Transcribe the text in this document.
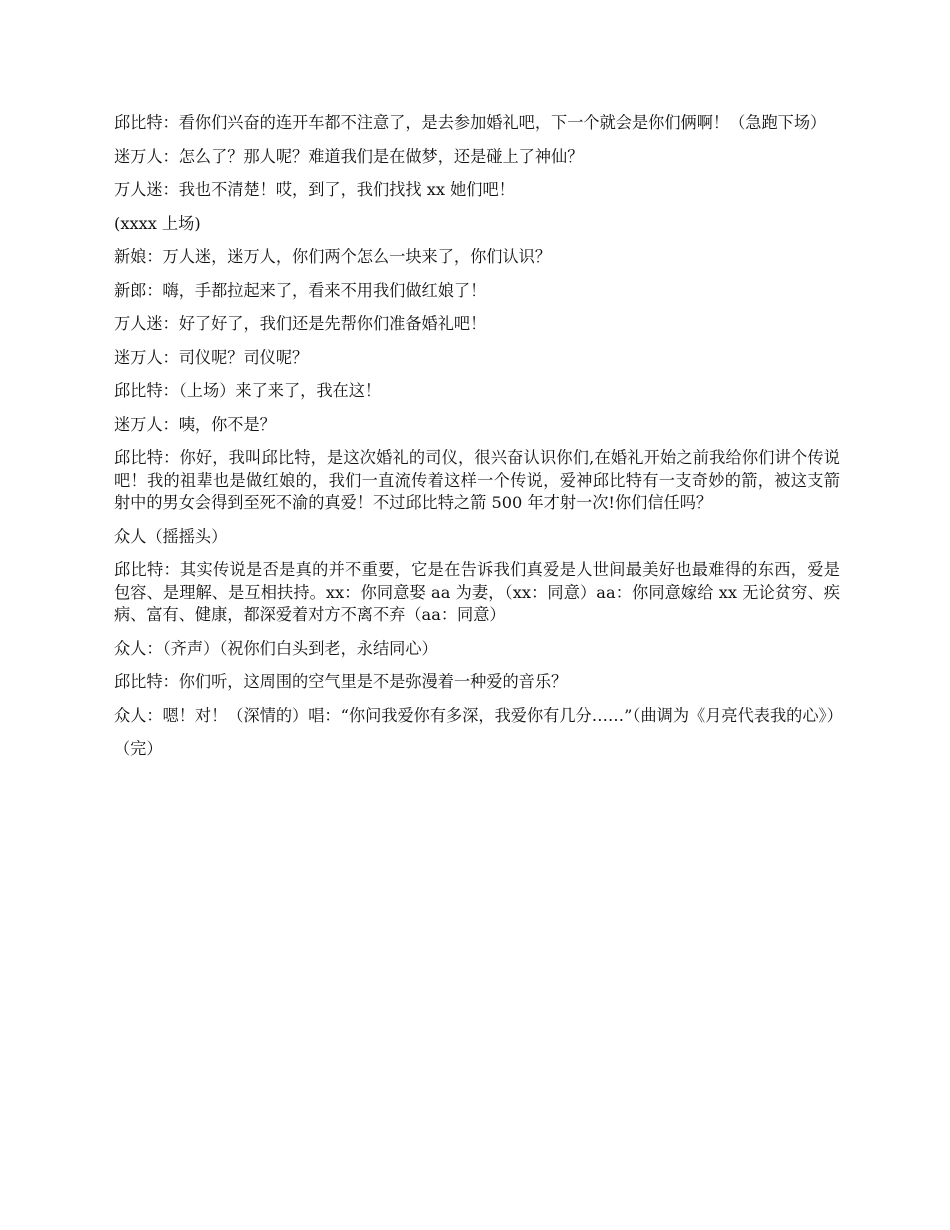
邱比特：看你们兴奋的连开车都不注意了，是去参加婚礼吧，下一个就会是你们俩啊！（急跑下场）

迷万人：怎么了？那人呢？难道我们是在做梦，还是碰上了神仙？

万人迷：我也不清楚！哎，到了，我们找找 xx 她们吧！

(xxxx 上场)

新娘：万人迷，迷万人，你们两个怎么一块来了，你们认识？

新郎：嗨，手都拉起来了，看来不用我们做红娘了！

万人迷：好了好了，我们还是先帮你们准备婚礼吧！

迷万人：司仪呢？司仪呢？

邱比特：（上场）来了来了，我在这！

迷万人：咦，你不是？

邱比特：你好，我叫邱比特，是这次婚礼的司仪，很兴奋认识你们,在婚礼开始之前我给你们讲个传说吧！我的祖辈也是做红娘的，我们一直流传着这样一个传说，爱神邱比特有一支奇妙的箭，被这支箭射中的男女会得到至死不渝的真爱！不过邱比特之箭 500 年才射一次!你们信任吗？

众人（摇摇头）

邱比特：其实传说是否是真的并不重要，它是在告诉我们真爱是人世间最美好也最难得的东西，爱是包容、是理解、是互相扶持。xx：你同意娶 aa 为妻，（xx：同意）aa：你同意嫁给 xx 无论贫穷、疾病、富有、健康，都深爱着对方不离不弃（aa：同意）

众人：（齐声）（祝你们白头到老，永结同心）

邱比特：你们听，这周围的空气里是不是弥漫着一种爱的音乐？

众人：嗯！对！（深情的）唱：“你问我爱你有多深，我爱你有几分……”（曲调为《月亮代表我的心》）

（完）
